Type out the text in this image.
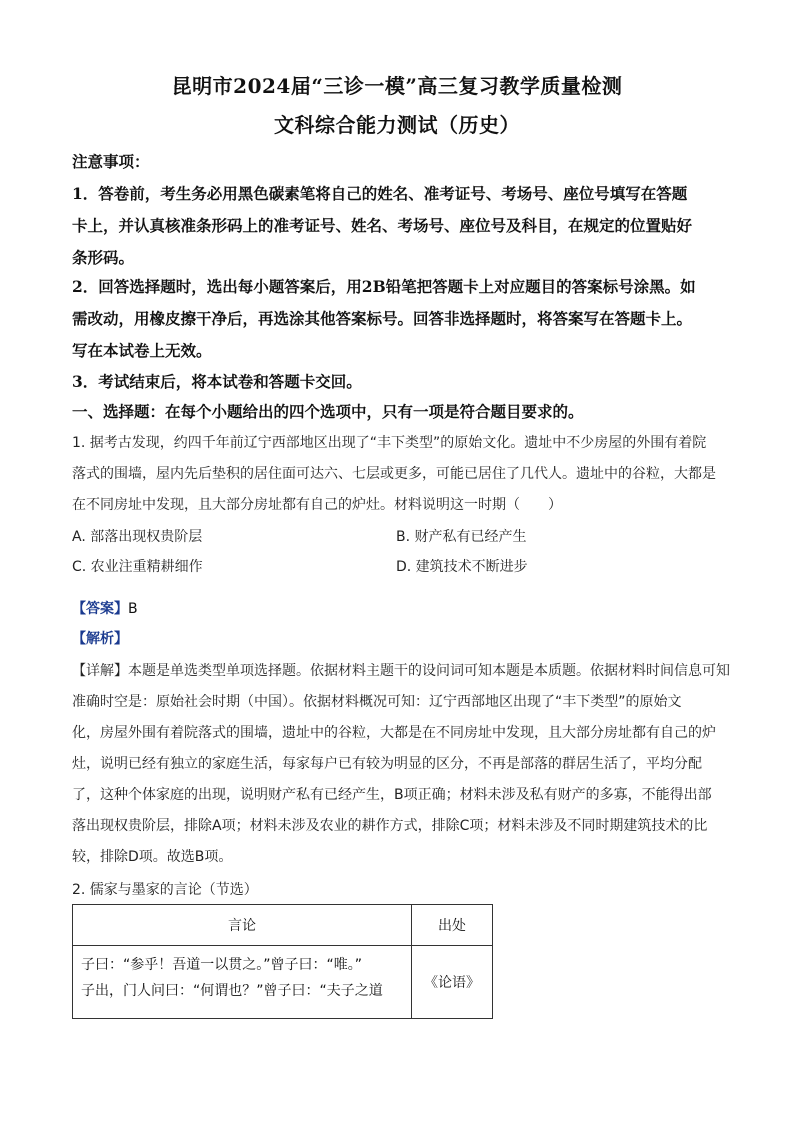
昆明市2024届“三诊一模”高三复习教学质量检测
文科综合能力测试（历史）
注意事项：
1．答卷前，考生务必用黑色碳素笔将自己的姓名、准考证号、考场号、座位号填写在答题
卡上，并认真核准条形码上的准考证号、姓名、考场号、座位号及科目，在规定的位置贴好
条形码。
2．回答选择题时，选出每小题答案后，用2B铅笔把答题卡上对应题目的答案标号涂黑。如
需改动，用橡皮擦干净后，再选涂其他答案标号。回答非选择题时，将答案写在答题卡上。
写在本试卷上无效。
3．考试结束后，将本试卷和答题卡交回。
一、选择题：在每个小题给出的四个选项中，只有一项是符合题目要求的。
1. 据考古发现，约四千年前辽宁西部地区出现了“丰下类型”的原始文化。遗址中不少房屋的外围有着院
落式的围墙，屋内先后垫积的居住面可达六、七层或更多，可能已居住了几代人。遗址中的谷粒，大都是
在不同房址中发现，且大部分房址都有自己的炉灶。材料说明这一时期（　　）
A. 部落出现权贵阶层	B. 财产私有已经产生
C. 农业注重精耕细作	D. 建筑技术不断进步
【答案】B
【解析】
【详解】本题是单选类型单项选择题。依据材料主题干的设问词可知本题是本质题。依据材料时间信息可知
准确时空是：原始社会时期（中国）。依据材料概况可知：辽宁西部地区出现了“丰下类型”的原始文
化，房屋外围有着院落式的围墙，遗址中的谷粒，大都是在不同房址中发现，且大部分房址都有自己的炉
灶，说明已经有独立的家庭生活，每家每户已有较为明显的区分，不再是部落的群居生活了，平均分配
了，这种个体家庭的出现，说明财产私有已经产生，B项正确；材料未涉及私有财产的多寡，不能得出部
落出现权贵阶层，排除A项；材料未涉及农业的耕作方式，排除C项；材料未涉及不同时期建筑技术的比
较，排除D项。故选B项。
2. 儒家与墨家的言论（节选）
言论	出处

子曰：“参乎！吾道一以贯之。”曾子曰：“唯。”
子出，门人问曰：“何谓也？”曾子曰：“夫子之道	《论语》
